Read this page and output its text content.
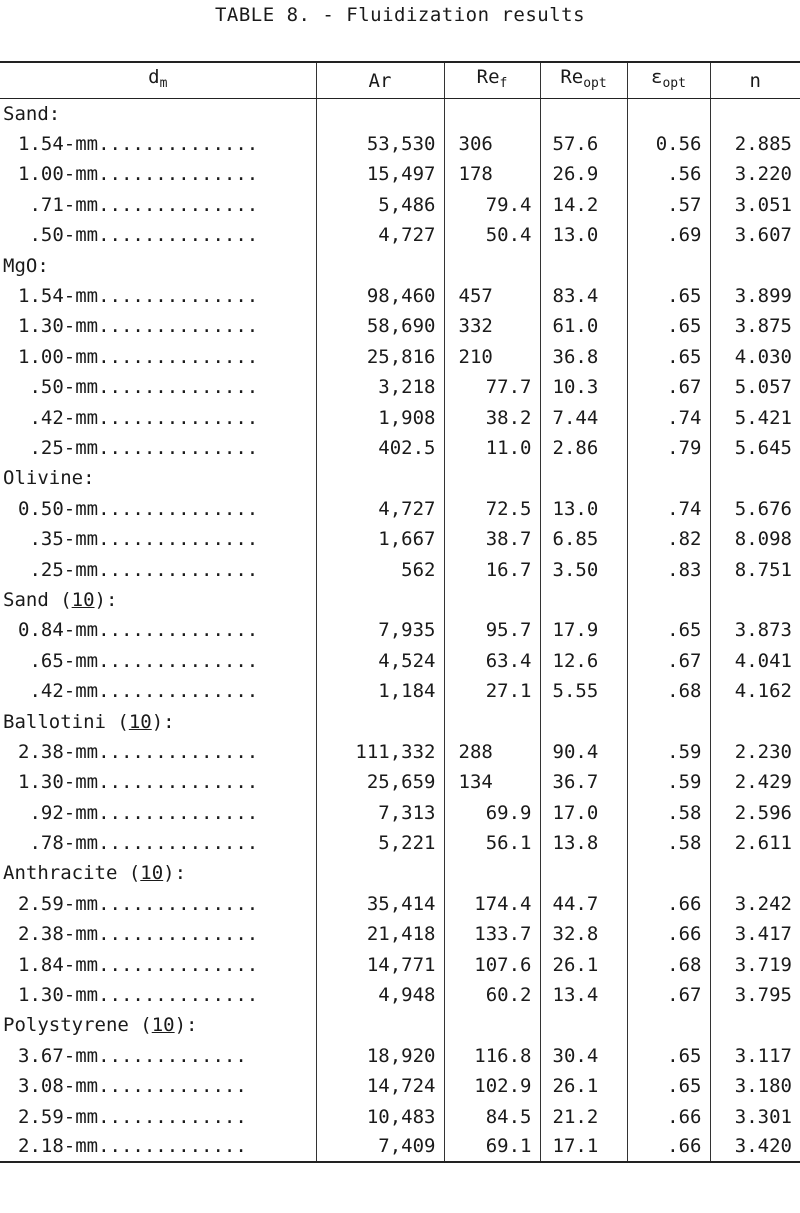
TABLE 8. - Fluidization results
$d_m$	Ar	$Re_f$	$Re_{opt}$	$\varepsilon_{opt}$	n
Sand:					
1.54-mm..............	53,530	306	57.6	0.56	2.885
1.00-mm..............	15,497	178	26.9	.56	3.220
.71-mm..............	5,486	79.4	14.2	.57	3.051
.50-mm..............	4,727	50.4	13.0	.69	3.607
MgO:					
1.54-mm..............	98,460	457	83.4	.65	3.899
1.30-mm..............	58,690	332	61.0	.65	3.875
1.00-mm..............	25,816	210	36.8	.65	4.030
.50-mm..............	3,218	77.7	10.3	.67	5.057
.42-mm..............	1,908	38.2	7.44	.74	5.421
.25-mm..............	402.5	11.0	2.86	.79	5.645
Olivine:					
0.50-mm..............	4,727	72.5	13.0	.74	5.676
.35-mm..............	1,667	38.7	6.85	.82	8.098
.25-mm..............	562	16.7	3.50	.83	8.751
Sand (10):					
0.84-mm..............	7,935	95.7	17.9	.65	3.873
.65-mm..............	4,524	63.4	12.6	.67	4.041
.42-mm..............	1,184	27.1	5.55	.68	4.162
Ballotini (10):					
2.38-mm..............	111,332	288	90.4	.59	2.230
1.30-mm..............	25,659	134	36.7	.59	2.429
.92-mm..............	7,313	69.9	17.0	.58	2.596
.78-mm..............	5,221	56.1	13.8	.58	2.611
Anthracite (10):					
2.59-mm..............	35,414	174.4	44.7	.66	3.242
2.38-mm..............	21,418	133.7	32.8	.66	3.417
1.84-mm..............	14,771	107.6	26.1	.68	3.719
1.30-mm..............	4,948	60.2	13.4	.67	3.795
Polystyrene (10):					
3.67-mm.............	18,920	116.8	30.4	.65	3.117
3.08-mm.............	14,724	102.9	26.1	.65	3.180
2.59-mm.............	10,483	84.5	21.2	.66	3.301
2.18-mm.............	7,409	69.1	17.1	.66	3.420
